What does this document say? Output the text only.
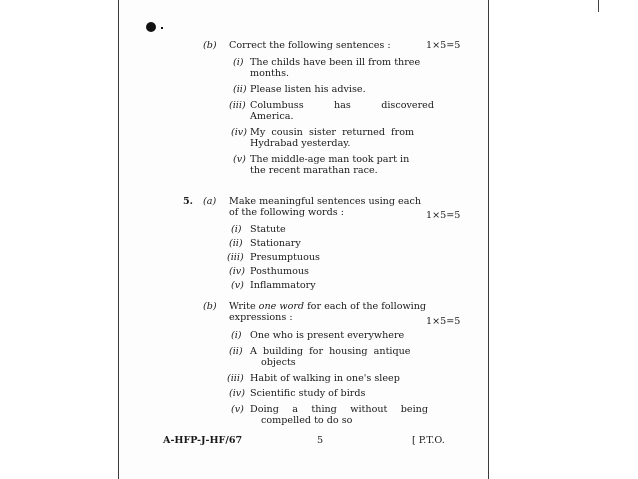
(b) Correct the following sentences :	1×5=5
(i) The childs have been ill from three
months.
(ii) Please listen his advise.
(iii) Columbuss	has	discovered
America.
(iv) My  cousin  sister  returned  from
Hydrabad yesterday.
(v) The middle-age man took part in
the recent marathan race.
5. (a) Make meaningful sentences using each
of the following words :	1×5=5
(i) Statute
(ii) Stationary
(iii) Presumptuous
(iv) Posthumous
(v) Inflammatory
(b) Write one word for each of the following
expressions :	1×5=5
(i) One who is present everywhere
(ii) A  building  for  housing  antique
objects
(iii) Habit of walking in one's sleep
(iv) Scientific study of birds
(v) Doing a thing without being
compelled to do so
A-HFP-J-HF/67	5	[ P.T.O.
